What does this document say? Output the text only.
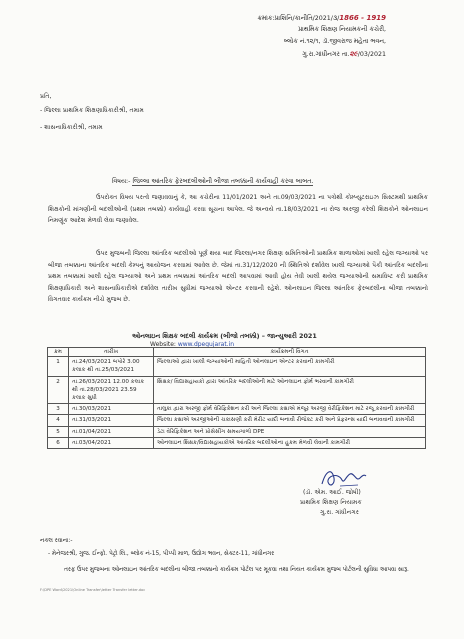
ક્રમાંક:પ્રાશિનિ/કાનીતિ/2021/૩/1866 - 1919
પ્રાથમિક શિક્ષણ નિયામકની કચેરી,
બ્લોક નં.૧૨/૧, ડૉ.જીવરાજ મહેતા ભવન,
ગુ.રા.ગાંધીનગર તા.૨૯/03/2021
પ્રતિ,
- જિલ્લા પ્રાથમિક શિક્ષણાધિકારીશ્રી, તમામ
- શાસનાધિકારીશ્રી, તમામ
વિષય:- જિલ્લા આંતરિક ફેરબદલીઓની બીજા તબક્કાની કાર્યવાહી કરવા બાબત.
ઉપરોક્ત વિષય પરત્વે જણાવવાનું કે, આ કચેરીના 11/01/2021 અને તા.09/03/2021 ના પત્રોથી કોમ્પ્યુટરાઇઝ સિસ્ટમથી પ્રાથમિક શિક્ષકોની માંગણીની બદલીઓની (પ્રથમ તબક્કો) કાર્યવાહી કરવા સૂચના આપેલ. જે અન્વયે તા.18/03/2021 ના રોજ અરજી કરેલી શિક્ષકોને ઓનલાઇન નિમણૂંક આદેશ મેળવી લેવા જણાવેલ.
ઉપર મુજબની જિલ્લા આંતરિક બદલીઓ પૂર્ણ થયા બાદ જિલ્લા/નગર શિક્ષણ સમિતિઓની પ્રાથમિક શાળાઓમાં ખાલી રહેલ જગ્યાઓ પર બીજા તબક્કાના આંતરિક બદલી કેમ્પનું આયોજન કરવામાં આવેલ છે. જેમાં તા.31/12/2020 ની સ્થિતિએ દર્શાવેલ ખાલી જગ્યાઓ પૈકી આંતરિક બદલીના પ્રથમ તબક્કામાં ખાલી રહેલ જગ્યાઓ અને પ્રથમ તબક્કામાં આંતરિક બદલી આપવામાં આવી હોય તેવી ખાલી થયેલ જગ્યાઓની સમાવિષ્ટ કરી પ્રાથમિક શિક્ષણાધિકારી અને શાસનાધિકારીએ દર્શાવેલ તારીખ સુધીમાં જગ્યાઓ એન્ટર કરવાની રહેશે. ઓનલાઇન જિલ્લા આંતરિક ફેરબદલીના બીજા તબક્કાનો વિગતવાર કાર્યક્રમ નીચે મુજબ છે.
ઓનલાઇન શિક્ષક બદલી કાર્યક્રમ (બીજો તબક્કો) – જાન્યુઆરી 2021
Website: www.dpegujarat.in
ક્રમ	તારીખ	કાર્યક્રમની વિગત
1	તા.24/03/2021 બપોરે 3.00 કલાક થી તા.25/03/2021	જિલ્લાઓ દ્વારા ખાલી જગ્યાઓની માહિતી ઓનલાઇન એન્ટર કરવાની કામગીરી
2	તા.26/03/2021 12.00 કલાક થી તા.28/03/2021 23.59 કલાક સુધી	શિક્ષક/ વિદ્યાસહાયકો દ્વારા આંતરિક બદલીઓની માટે ઓનલાઇન ફોર્મ ભરવાની કામગીરી
3	તા.30/03/2021	તાલુકા દ્વારા અરજી ફોર્મ વેરિફિકેશન કરી અને જિલ્લા કક્ષાએ મંજૂર અરજી વેરીફિકેશન માટે રજૂ કરવાની કામગીરી
4	તા.31/03/2021	જિલ્લા કક્ષાએ અરજીઓની ચકાસણી કરી મેરીટ યાદી બનાવી રીજેક્ટ કરી અને પ્રેફરન્સ યાદી બનાવવાની કામગીરી
5	તા.01/04/2021	ડેટા વેરિફિકેશન અને પ્રોસેસીંગ સમયગાળો DPE
6	તા.03/04/2021	ઓનલાઇન શિક્ષક/વિદ્યાસહાયકોએ આંતરિક બદલીઓના હુકમ મેળવી લેવાની કામગીરી
(ડૉ. એમ. આઈ. જોષી)
પ્રાથમિક શિક્ષણ નિયામક
ગુ.રા. ગાંધીનગર
નકલ રવાના:-
- મેનેજરશ્રી, ગુજ. ઈન્ફો. પેટ્રો લિ., બ્લોક નં-15, પીપ્પી માળ, ઉદ્યોગ ભવન, સેક્ટર-11, ગાંધીનગર
તરફ ઉપર મુજબના ઓનલાઇન આંતરિક બદલીના બીજા તબક્કાનો કાર્યક્રમ પોર્ટલ પર મૂકવા તથા નિયત કાર્યક્રમ મુજબ પોર્ટલની સુવિધા આપવા સારૂ.
F:\DPE Ward\2021\Online Transfer\letter Transfer letter.doc
